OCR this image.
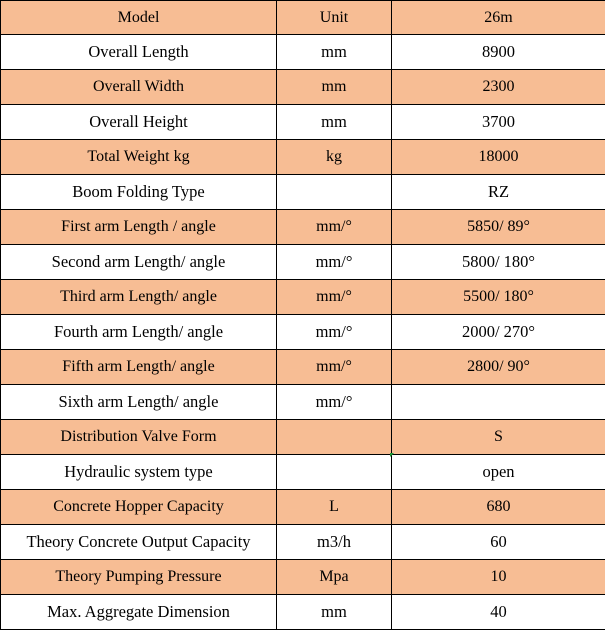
Model	Unit	26m
Overall Length	mm	8900
Overall Width	mm	2300
Overall Height	mm	3700
Total Weight kg	kg	18000
Boom Folding Type		RZ
First arm Length / angle	mm/°	5850/ 89°
Second arm Length/ angle	mm/°	5800/ 180°
Third arm Length/ angle	mm/°	5500/ 180°
Fourth arm Length/ angle	mm/°	2000/ 270°
Fifth arm Length/ angle	mm/°	2800/ 90°
Sixth arm Length/ angle	mm/°	
Distribution Valve Form		S
Hydraulic system type		open
Concrete Hopper Capacity	L	680
Theory Concrete Output Capacity	m3/h	60
Theory Pumping Pressure	Mpa	10
Max. Aggregate Dimension	mm	40
